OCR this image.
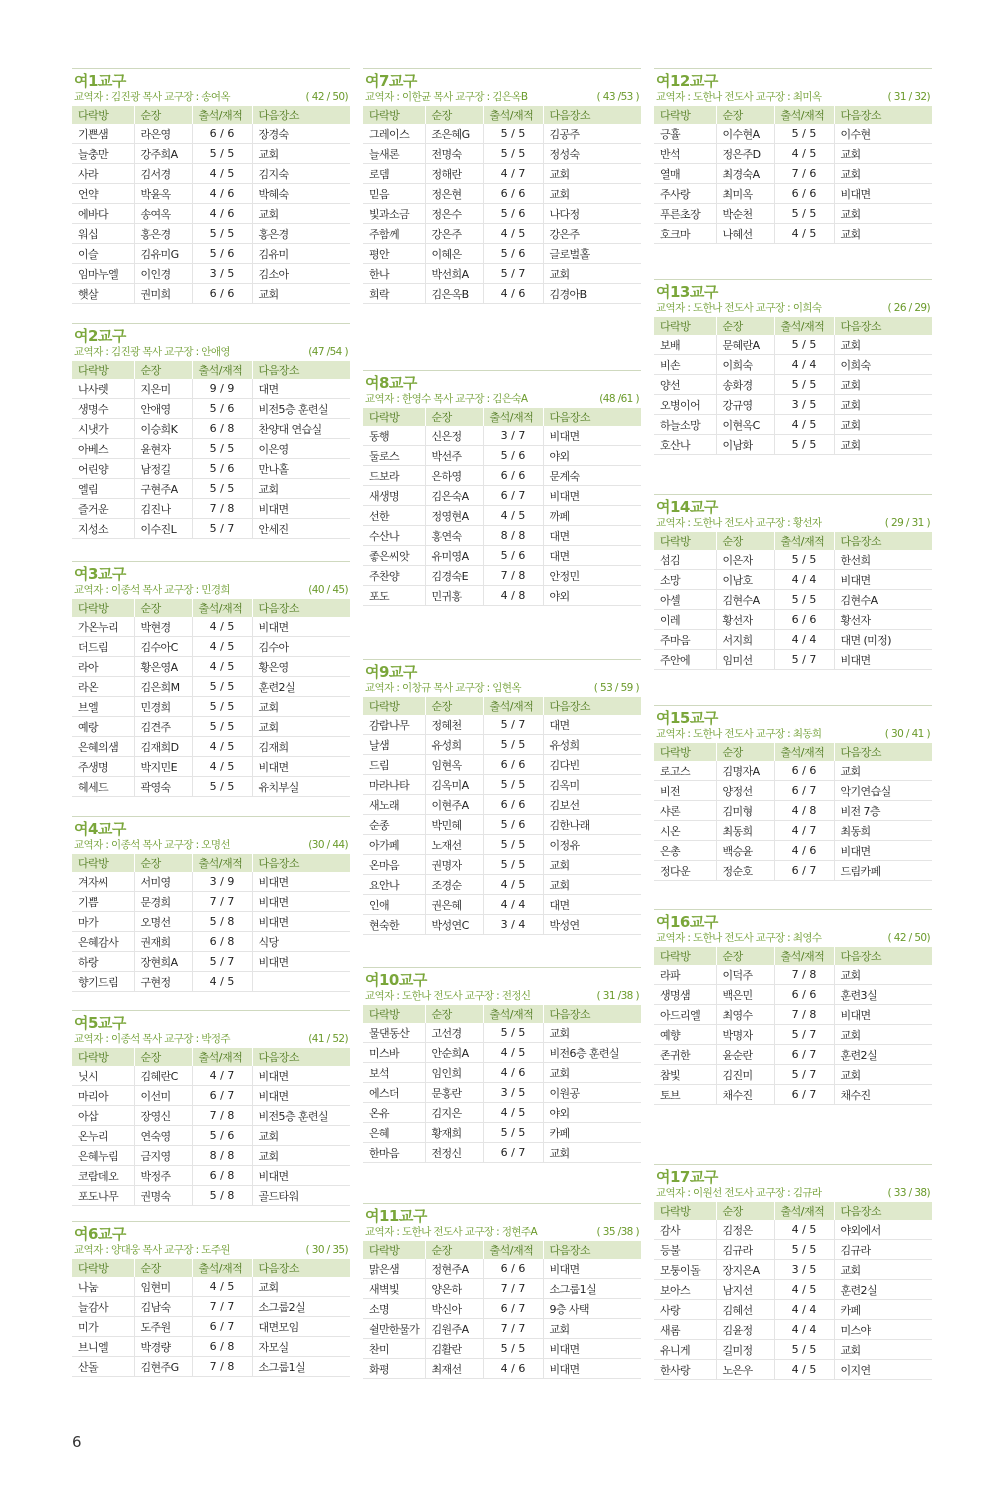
여1교구
교역자 : 김진광 목사 교구장 : 송여옥	( 42 / 50)
다락방	순장	출석/재적	다음장소
기쁜샘	라은영	6 / 6	장경숙
늘충만	강주희A	5 / 5	교회
사라	김서경	4 / 5	김지숙
언약	박윤옥	4 / 6	박혜숙
에바다	송여옥	4 / 6	교회
워십	홍은경	5 / 5	홍은경
이슬	김유미G	5 / 6	김유미
임마누엘	이인경	3 / 5	김소아
햇살	권미희	6 / 6	교회
여2교구
교역자 : 김진광 목사 교구장 : 안애영	(47 /54 )
다락방	순장	출석/재적	다음장소
나사렛	지은미	9 / 9	대면
생명수	안애영	5 / 6	비전5층 훈련실
시냇가	이승희K	6 / 8	찬양대 연습실
아베스	윤현자	5 / 5	이은영
어린양	남정길	5 / 6	만나홀
엘림	구현주A	5 / 5	교회
즐거운	김진나	7 / 8	비대면
지성소	이수진L	5 / 7	안세진
여3교구
교역자 : 이종석 목사 교구장 : 민경희	(40 / 45)
다락방	순장	출석/재적	다음장소
가온누리	박현경	4 / 5	비대면
더드림	김수아C	4 / 5	김수아
라아	황은영A	4 / 5	황은영
라온	김은희M	5 / 5	훈련2실
브엘	민경희	5 / 5	교회
예랑	김견주	5 / 5	교회
은혜의샘	김재희D	4 / 5	김재희
주생명	박지민E	4 / 5	비대면
헤세드	곽영숙	5 / 5	유치부실
여4교구
교역자 : 이종석 목사 교구장 : 오명선	(30 / 44)
다락방	순장	출석/재적	다음장소
겨자씨	서미영	3 / 9	비대면
기쁨	문경희	7 / 7	비대면
마가	오명선	5 / 8	비대면
은혜감사	권재희	6 / 8	식당
하랑	장현희A	5 / 7	비대면
향기드림	구현정	4 / 5	
여5교구
교역자 : 이종석 목사 교구장 : 박정주	(41 / 52)
다락방	순장	출석/재적	다음장소
닛시	김혜란C	4 / 7	비대면
마리아	이선미	6 / 7	비대면
아삽	장영신	7 / 8	비전5층 훈련실
온누리	연숙영	5 / 6	교회
은혜누림	금지영	8 / 8	교회
코람데오	박정주	6 / 8	비대면
포도나무	권명숙	5 / 8	골드타워
여6교구
교역자 : 양대웅 목사 교구장 : 도주원	( 30 / 35)
다락방	순장	출석/재적	다음장소
나눔	임현미	4 / 5	교회
늘감사	김남숙	7 / 7	소그룹2실
미가	도주원	6 / 7	대면모임
브니엘	박경량	6 / 8	자모실
산돌	김현주G	7 / 8	소그룹1실
여7교구
교역자 : 이한균 목사 교구장 : 김은옥B	( 43 /53 )
다락방	순장	출석/재적	다음장소
그레이스	조은혜G	5 / 5	김공주
늘새론	전명숙	5 / 5	정성숙
로뎀	정해란	4 / 7	교회
믿음	정은현	6 / 6	교회
빛과소금	정은수	5 / 6	나다정
주함께	강은주	4 / 5	강은주
평안	이혜은	5 / 6	글로벌홀
한나	박선희A	5 / 7	교회
희락	김은옥B	4 / 6	김경아B
여8교구
교역자 : 한영수 목사 교구장 : 김은숙A	(48 /61 )
다락방	순장	출석/재적	다음장소
동행	신은정	3 / 7	비대면
둘로스	박선주	5 / 6	야외
드보라	은하영	6 / 6	문계숙
새생명	김은숙A	6 / 7	비대면
선한	정영현A	4 / 5	까페
수산나	홍연숙	8 / 8	대면
좋은씨앗	유미영A	5 / 6	대면
주찬양	김경숙E	7 / 8	안정민
포도	민귀홍	4 / 8	야외
여9교구
교역자 : 이창규 목사 교구장 : 임현옥	( 53 / 59 )
다락방	순장	출석/재적	다음장소
감람나무	정혜천	5 / 7	대면
날샘	유성희	5 / 5	유성희
드림	임현옥	6 / 6	김다빈
마라나타	김옥미A	5 / 5	김옥미
새노래	이현주A	6 / 6	김보선
순종	박민혜	5 / 6	김한나래
아가페	노재선	5 / 5	이정유
온마음	권명자	5 / 5	교회
요안나	조경순	4 / 5	교회
인애	권은혜	4 / 4	대면
현숙한	박성연C	3 / 4	박성연
여10교구
교역자 : 도한나 전도사 교구장 : 전정신	( 31 /38 )
다락방	순장	출석/재적	다음장소
물댄동산	고선경	5 / 5	교회
미스바	안순희A	4 / 5	비전6층 훈련실
보석	임인희	4 / 6	교회
에스더	문홍란	3 / 5	이원공
온유	김지은	4 / 5	야외
은혜	황재희	5 / 5	카페
한마음	전정신	6 / 7	교회
여11교구
교역자 : 도한나 전도사 교구장 : 정현주A	( 35 /38 )
다락방	순장	출석/재적	다음장소
맑은샘	정현주A	6 / 6	비대면
새벽빛	양은하	7 / 7	소그룹1실
소명	박신아	6 / 7	9층 사택
쉴만한물가	김원주A	7 / 7	교회
찬미	김활란	5 / 5	비대면
화평	최재선	4 / 6	비대면
여12교구
교역자 : 도한나 전도사 교구장 : 최미옥	( 31 / 32)
다락방	순장	출석/재적	다음장소
긍휼	이수현A	5 / 5	이수현
반석	정은주D	4 / 5	교회
열매	최경숙A	7 / 6	교회
주사랑	최미옥	6 / 6	비대면
푸른초장	박순천	5 / 5	교회
호크마	나혜선	4 / 5	교회
여13교구
교역자 : 도한나 전도사 교구장 : 이희숙	( 26 / 29)
다락방	순장	출석/재적	다음장소
보배	문혜란A	5 / 5	교회
비손	이희숙	4 / 4	이희숙
양선	송화경	5 / 5	교회
오병이어	강규영	3 / 5	교회
하늘소망	이현옥C	4 / 5	교회
호산나	이남화	5 / 5	교회
여14교구
교역자 : 도한나 전도사 교구장 : 황선자	( 29 / 31 )
다락방	순장	출석/재적	다음장소
섬김	이은자	5 / 5	한선희
소망	이남호	4 / 4	비대면
아셀	김현수A	5 / 5	김현수A
이레	황선자	6 / 6	황선자
주마음	서지희	4 / 4	대면 (미정)
주안에	임미선	5 / 7	비대면
여15교구
교역자 : 도한나 전도사 교구장 : 최동희	( 30 / 41 )
다락방	순장	출석/재적	다음장소
로고스	김명자A	6 / 6	교회
비전	양정선	6 / 7	악기연습실
샤론	김미형	4 / 8	비전 7층
시온	최동희	4 / 7	최동희
은총	백승윤	4 / 6	비대면
정다운	정순호	6 / 7	드림카페
여16교구
교역자 : 도한나 전도사 교구장 : 최영수	( 42 / 50)
다락방	순장	출석/재적	다음장소
라파	이덕주	7 / 8	교회
생명샘	백은민	6 / 6	훈련3실
아드리엘	최영수	7 / 8	비대면
예향	박명자	5 / 7	교회
존귀한	윤순란	6 / 7	훈련2실
참빛	김진미	5 / 7	교회
토브	채수진	6 / 7	채수진
여17교구
교역자 : 이원선 전도사 교구장 : 김규라	( 33 / 38)
다락방	순장	출석/재적	다음장소
감사	김정은	4 / 5	야외에서
등불	김규라	5 / 5	김규라
모퉁이돌	장지은A	3 / 5	교회
보아스	남지선	4 / 5	훈련2실
사랑	김혜선	4 / 4	카페
새롬	김윤정	4 / 4	미스야
유니게	길미정	5 / 5	교회
한사랑	노은우	4 / 5	이지연
6
